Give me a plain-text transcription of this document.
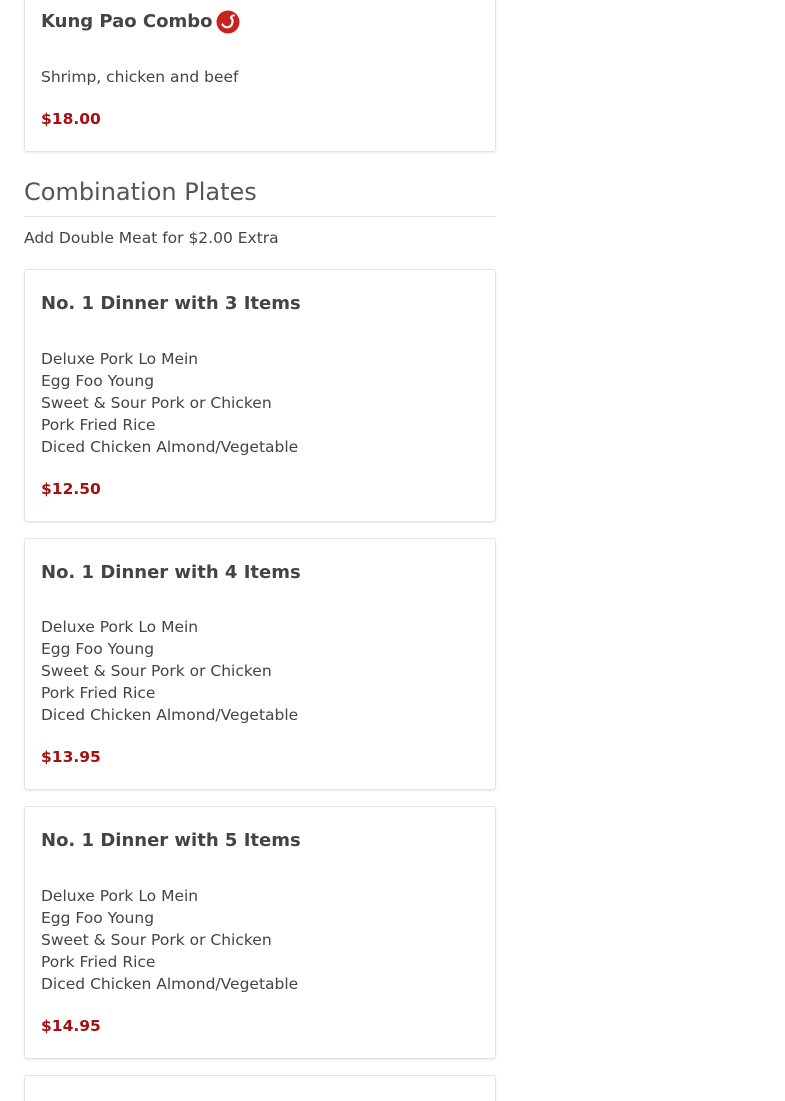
Kung Pao Combo

Shrimp, chicken and beef

$18.00

Combination Plates

Add Double Meat for $2.00 Extra

No. 1 Dinner with 3 Items

Deluxe Pork Lo Mein
Egg Foo Young
Sweet & Sour Pork or Chicken
Pork Fried Rice
Diced Chicken Almond/Vegetable

$12.50

No. 1 Dinner with 4 Items

Deluxe Pork Lo Mein
Egg Foo Young
Sweet & Sour Pork or Chicken
Pork Fried Rice
Diced Chicken Almond/Vegetable

$13.95

No. 1 Dinner with 5 Items

Deluxe Pork Lo Mein
Egg Foo Young
Sweet & Sour Pork or Chicken
Pork Fried Rice
Diced Chicken Almond/Vegetable

$14.95
